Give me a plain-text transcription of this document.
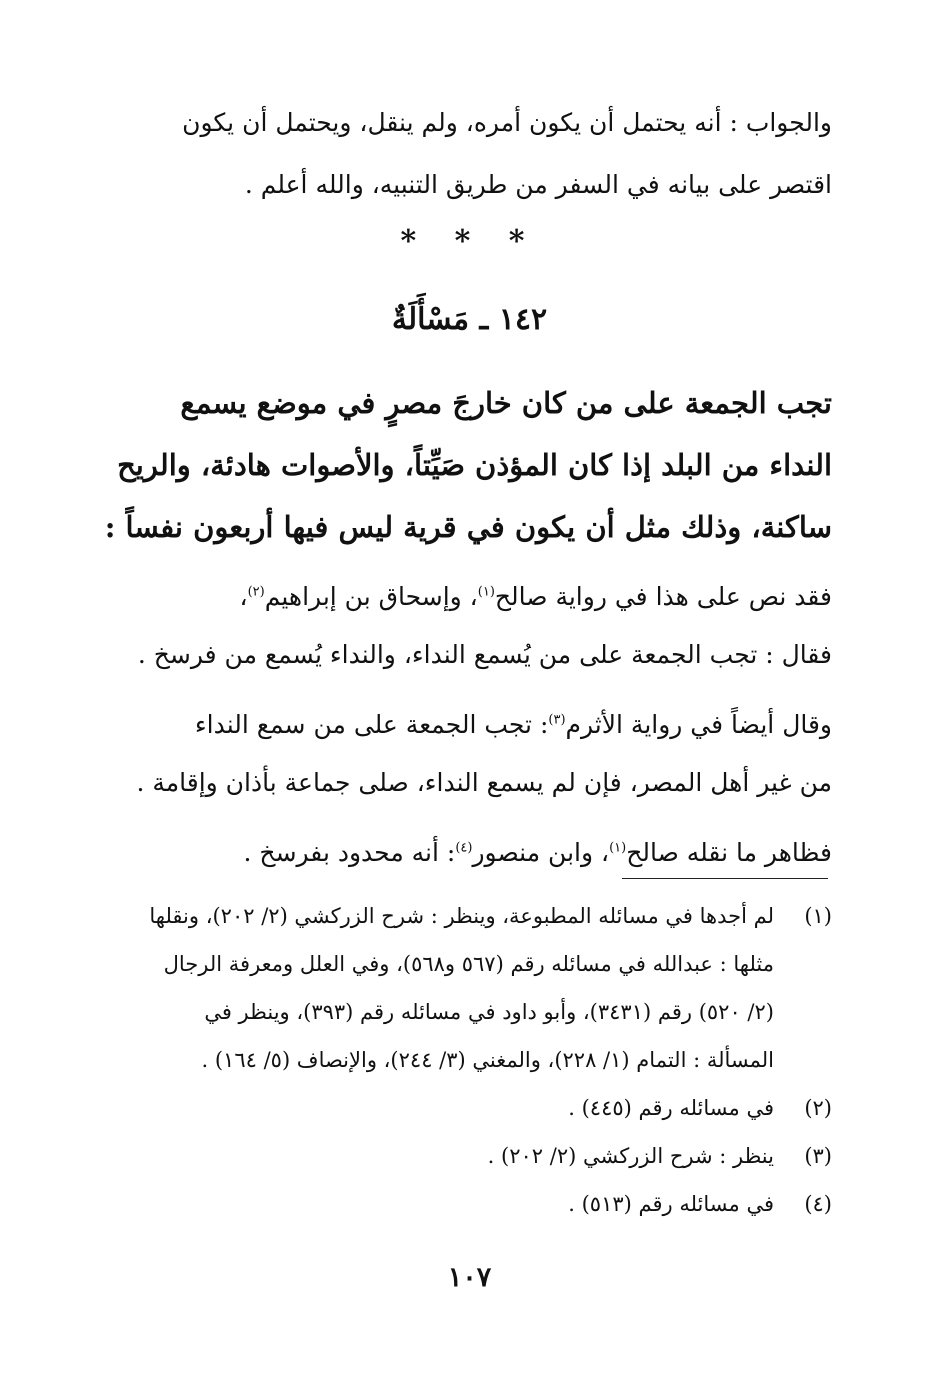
والجواب : أنه يحتمل أن يكون أمره، ولم ينقل، ويحتمل أن يكون
اقتصر على بيانه في السفر من طريق التنبيه، والله أعلم .
* * *
١٤٢ ـ مَسْأَلَةٌ
تجب الجمعة على من كان خارجَ مصرٍ في موضع يسمع
النداء من البلد إذا كان المؤذن صَيِّتاً، والأصوات هادئة، والريح
ساكنة، وذلك مثل أن يكون في قرية ليس فيها أربعون نفساً :
فقد نص على هذا في رواية صالح$^{(١)}$، وإسحاق بن إبراهيم$^{(٢)}$،
فقال : تجب الجمعة على من يُسمع النداء، والنداء يُسمع من فرسخ .
وقال أيضاً في رواية الأثرم$^{(٣)}$: تجب الجمعة على من سمع النداء
من غير أهل المصر، فإن لم يسمع النداء، صلى جماعة بأذان وإقامة .
فظاهر ما نقله صالح$^{(١)}$، وابن منصور$^{(٤)}$: أنه محدود بفرسخ .
(١)
لم أجدها في مسائله المطبوعة، وينظر : شرح الزركشي (٢/ ٢٠٢)، ونقلها
مثلها : عبدالله في مسائله رقم (٥٦٧ و٥٦٨)، وفي العلل ومعرفة الرجال
(٢/ ٥٢٠) رقم (٣٤٣١)، وأبو داود في مسائله رقم (٣٩٣)، وينظر في
المسألة : التمام (١/ ٢٢٨)، والمغني (٣/ ٢٤٤)، والإنصاف (٥/ ١٦٤) .
(٢)
في مسائله رقم (٤٤٥) .
(٣)
ينظر : شرح الزركشي (٢/ ٢٠٢) .
(٤)
في مسائله رقم (٥١٣) .
١٠٧
